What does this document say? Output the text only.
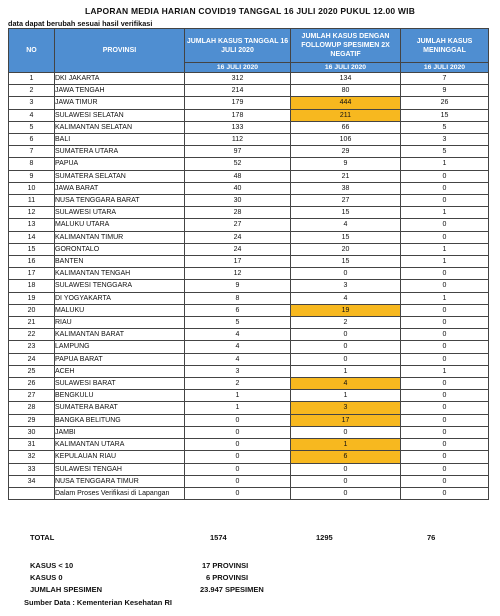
LAPORAN MEDIA HARIAN COVID19 TANGGAL 16 JULI 2020 PUKUL 12.00 WIB
data dapat berubah sesuai hasil verifikasi
NO	PROVINSI	JUMLAH KASUS TANGGAL 16 JULI 2020	JUMLAH KASUS DENGAN FOLLOWUP SPESIMEN 2X NEGATIF	JUMLAH KASUS MENINGGAL
		16 JULI 2020	16 JULI 2020	16 JULI 2020
1	DKI JAKARTA	312	134	7
2	JAWA TENGAH	214	80	9
3	JAWA TIMUR	179	444	26
4	SULAWESI SELATAN	178	211	15
5	KALIMANTAN SELATAN	133	66	5
6	BALI	112	106	3
7	SUMATERA UTARA	97	29	5
8	PAPUA	52	9	1
9	SUMATERA SELATAN	48	21	0
10	JAWA BARAT	40	38	0
11	NUSA TENGGARA BARAT	30	27	0
12	SULAWESI UTARA	28	15	1
13	MALUKU UTARA	27	4	0
14	KALIMANTAN TIMUR	24	15	0
15	GORONTALO	24	20	1
16	BANTEN	17	15	1
17	KALIMANTAN TENGAH	12	0	0
18	SULAWESI TENGGARA	9	3	0
19	DI YOGYAKARTA	8	4	1
20	MALUKU	6	19	0
21	RIAU	5	2	0
22	KALIMANTAN BARAT	4	0	0
23	LAMPUNG	4	0	0
24	PAPUA BARAT	4	0	0
25	ACEH	3	1	1
26	SULAWESI BARAT	2	4	0
27	BENGKULU	1	1	0
28	SUMATERA BARAT	1	3	0
29	BANGKA BELITUNG	0	17	0
30	JAMBI	0	0	0
31	KALIMANTAN UTARA	0	1	0
32	KEPULAUAN RIAU	0	6	0
33	SULAWESI TENGAH	0	0	0
34	NUSA TENGGARA TIMUR	0	0	0
	Dalam Proses Verifikasi di Lapangan	0	0	0
TOTAL	1574	1295	76
KASUS < 10	17 PROVINSI
KASUS 0	6 PROVINSI
JUMLAH SPESIMEN	23.947 SPESIMEN
Sumber Data : Kementerian Kesehatan RI
